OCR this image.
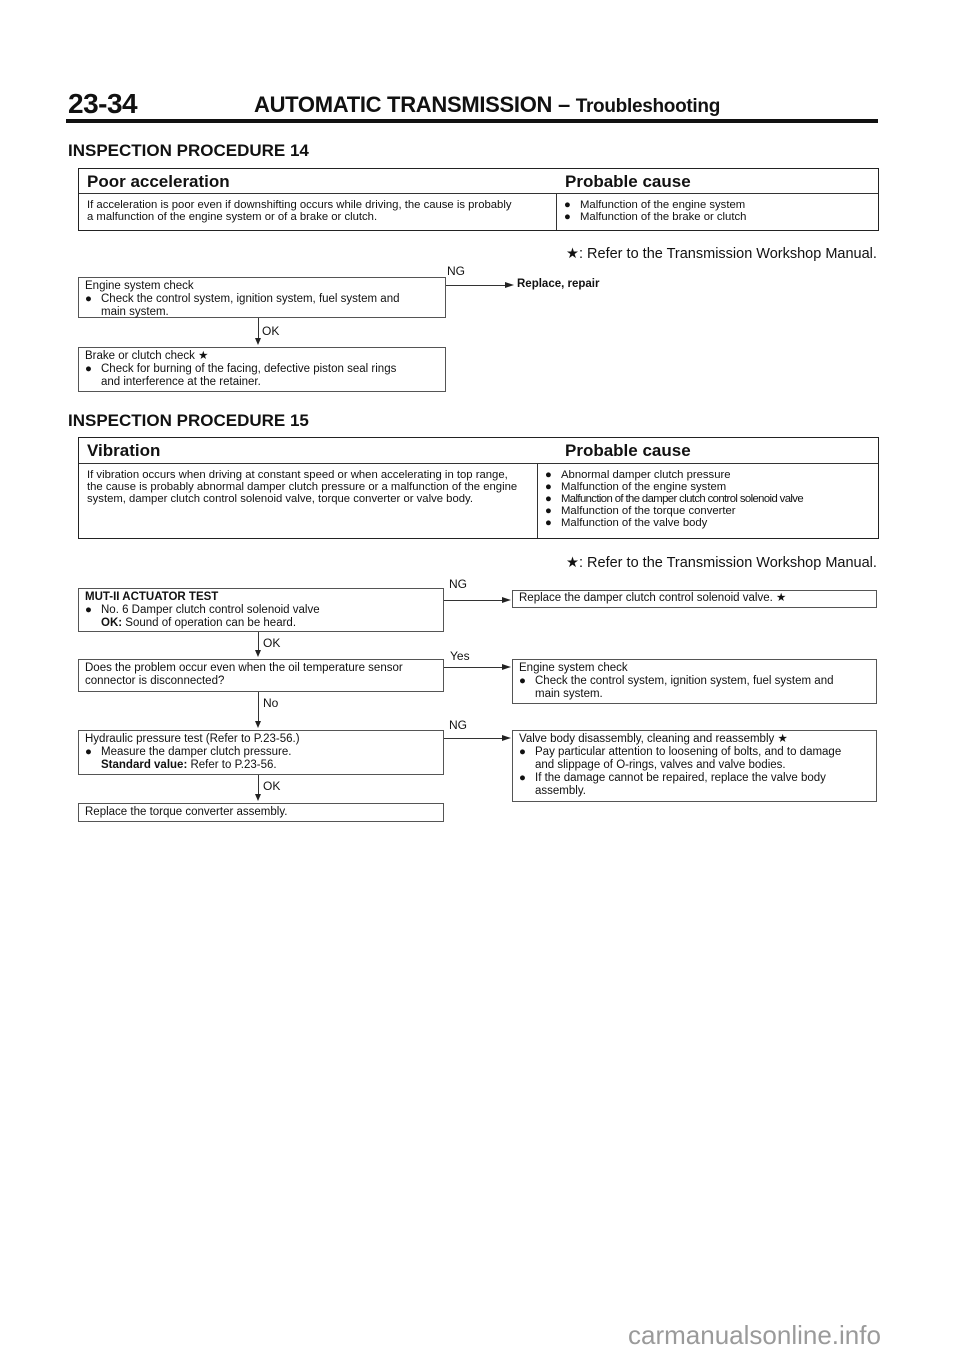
23-34	AUTOMATIC TRANSMISSION – Troubleshooting
INSPECTION PROCEDURE 14
Poor acceleration	Probable cause
If acceleration is poor even if downshifting occurs while driving, the cause is probably
a malfunction of the engine system or of a brake or clutch.
● Malfunction of the engine system
● Malfunction of the brake or clutch
★: Refer to the Transmission Workshop Manual.
Engine system check
● Check the control system, ignition system, fuel system and
main system.
NG
Replace, repair
OK
Brake or clutch check ★
● Check for burning of the facing, defective piston seal rings
and interference at the retainer.
INSPECTION PROCEDURE 15
Vibration	Probable cause
If vibration occurs when driving at constant speed or when accelerating in top range,
the cause is probably abnormal damper clutch pressure or a malfunction of the engine
system, damper clutch control solenoid valve, torque converter or valve body.
● Abnormal damper clutch pressure
● Malfunction of the engine system
● Malfunction of the damper clutch control solenoid valve
● Malfunction of the torque converter
● Malfunction of the valve body
★: Refer to the Transmission Workshop Manual.
MUT-II ACTUATOR TEST
● No. 6 Damper clutch control solenoid valve
OK: Sound of operation can be heard.
NG
Replace the damper clutch control solenoid valve. ★
OK
Does the problem occur even when the oil temperature sensor
connector is disconnected?
Yes
Engine system check
● Check the control system, ignition system, fuel system and
main system.
No
Hydraulic pressure test (Refer to P.23-56.)
● Measure the damper clutch pressure.
Standard value: Refer to P.23-56.
NG
Valve body disassembly, cleaning and reassembly ★
● Pay particular attention to loosening of bolts, and to damage
and slippage of O-rings, valves and valve bodies.
● If the damage cannot be repaired, replace the valve body
assembly.
OK
Replace the torque converter assembly.
carmanualsonline.info
